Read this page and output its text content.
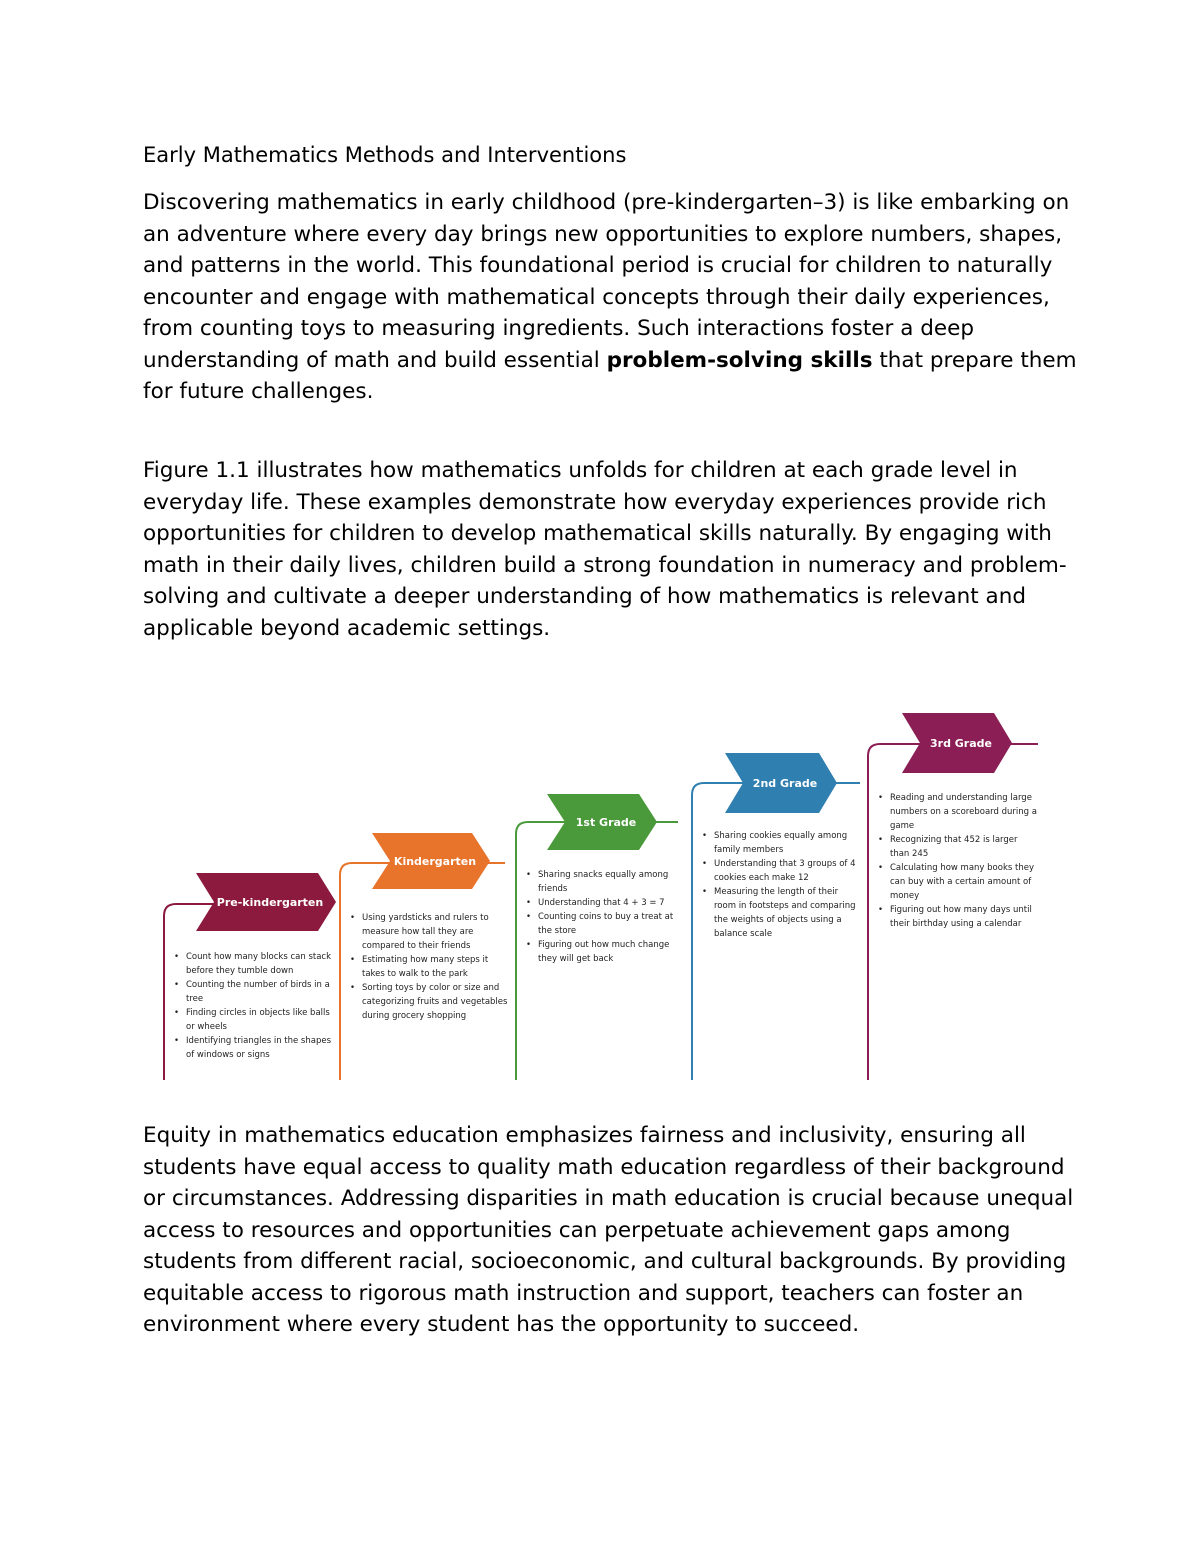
Early Mathematics Methods and Interventions

Discovering mathematics in early childhood (pre-kindergarten–3) is like embarking on an adventure where every day brings new opportunities to explore numbers, shapes, and patterns in the world. This foundational period is crucial for children to naturally encounter and engage with mathematical concepts through their daily experiences, from counting toys to measuring ingredients. Such interactions foster a deep understanding of math and build essential problem-solving skills that prepare them for future challenges.

Figure 1.1 illustrates how mathematics unfolds for children at each grade level in everyday life. These examples demonstrate how everyday experiences provide rich opportunities for children to develop mathematical skills naturally. By engaging with math in their daily lives, children build a strong foundation in numeracy and problem-solving and cultivate a deeper understanding of how mathematics is relevant and applicable beyond academic settings.

Pre-kindergarten
Kindergarten
1st Grade
2nd Grade
3rd Grade
• Count how many blocks can stack before they tumble down
• Counting the number of birds in a tree
• Finding circles in objects like balls or wheels
• Identifying triangles in the shapes of windows or signs
• Using yardsticks and rulers to measure how tall they are compared to their friends
• Estimating how many steps it takes to walk to the park
• Sorting toys by color or size and categorizing fruits and vegetables during grocery shopping
• Sharing snacks equally among friends
• Understanding that 4 + 3 = 7
• Counting coins to buy a treat at the store
• Figuring out how much change they will get back
• Sharing cookies equally among family members
• Understanding that 3 groups of 4 cookies each make 12
• Measuring the length of their room in footsteps and comparing the weights of objects using a balance scale
• Reading and understanding large numbers on a scoreboard during a game
• Recognizing that 452 is larger than 245
• Calculating how many books they can buy with a certain amount of money
• Figuring out how many days until their birthday using a calendar

Equity in mathematics education emphasizes fairness and inclusivity, ensuring all students have equal access to quality math education regardless of their background or circumstances. Addressing disparities in math education is crucial because unequal access to resources and opportunities can perpetuate achievement gaps among students from different racial, socioeconomic, and cultural backgrounds. By providing equitable access to rigorous math instruction and support, teachers can foster an environment where every student has the opportunity to succeed.
